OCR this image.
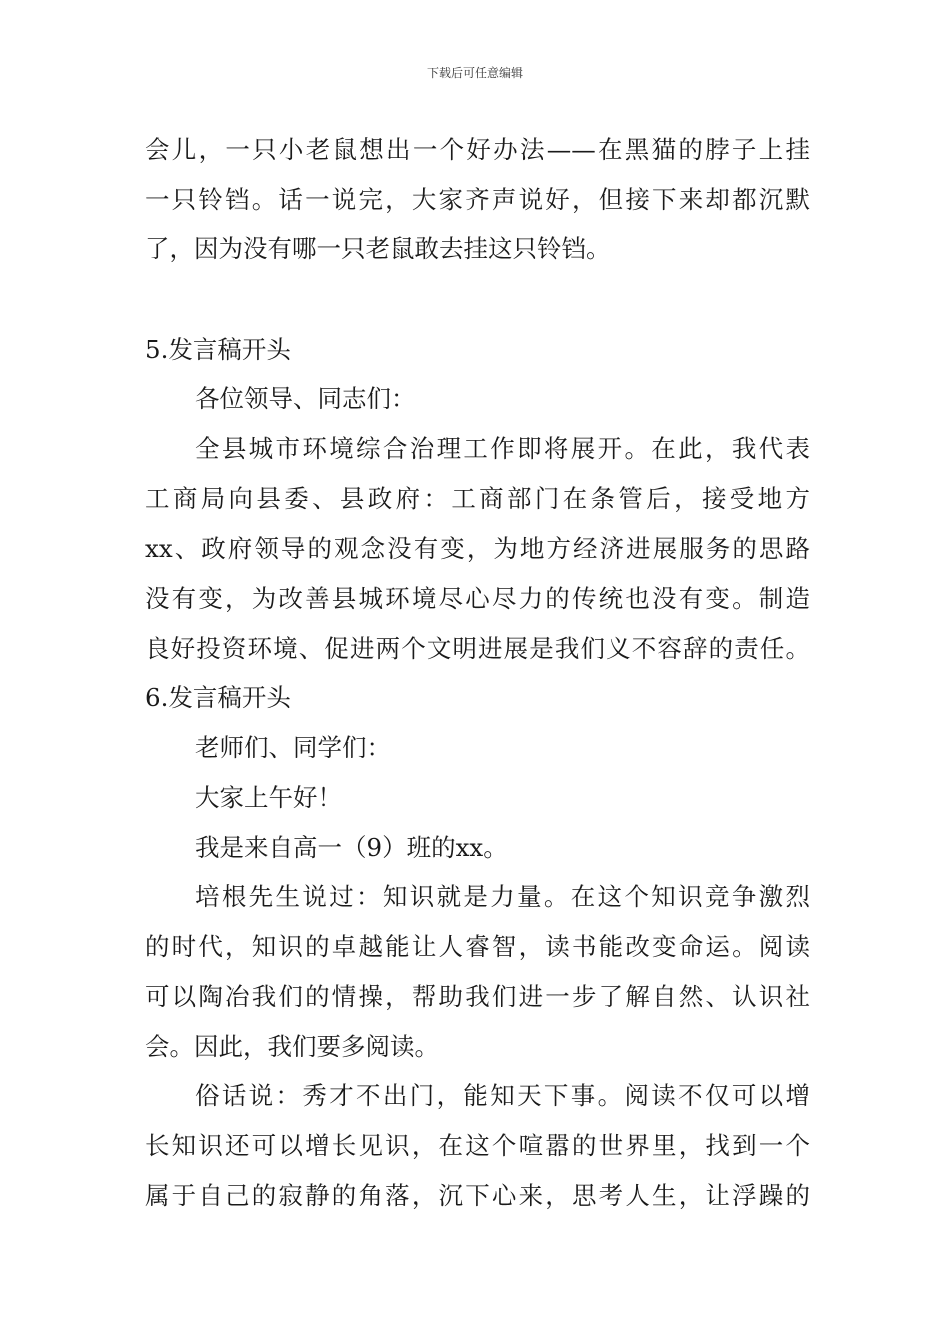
下载后可任意编辑
会儿，一只小老鼠想出一个好办法——在黑猫的脖子上挂
一只铃铛。话一说完，大家齐声说好，但接下来却都沉默
了，因为没有哪一只老鼠敢去挂这只铃铛。
5.发言稿开头
各位领导、同志们：
全县城市环境综合治理工作即将展开。在此，我代表
工商局向县委、县政府：工商部门在条管后，接受地方
xx、政府领导的观念没有变，为地方经济进展服务的思路
没有变，为改善县城环境尽心尽力的传统也没有变。制造
良好投资环境、促进两个文明进展是我们义不容辞的责任。
6.发言稿开头
老师们、同学们：
大家上午好！
我是来自高一（9）班的xx。
培根先生说过：知识就是力量。在这个知识竞争激烈
的时代，知识的卓越能让人睿智，读书能改变命运。阅读
可以陶冶我们的情操，帮助我们进一步了解自然、认识社
会。因此，我们要多阅读。
俗话说：秀才不出门，能知天下事。阅读不仅可以增
长知识还可以增长见识，在这个喧嚣的世界里，找到一个
属于自己的寂静的角落，沉下心来，思考人生，让浮躁的
